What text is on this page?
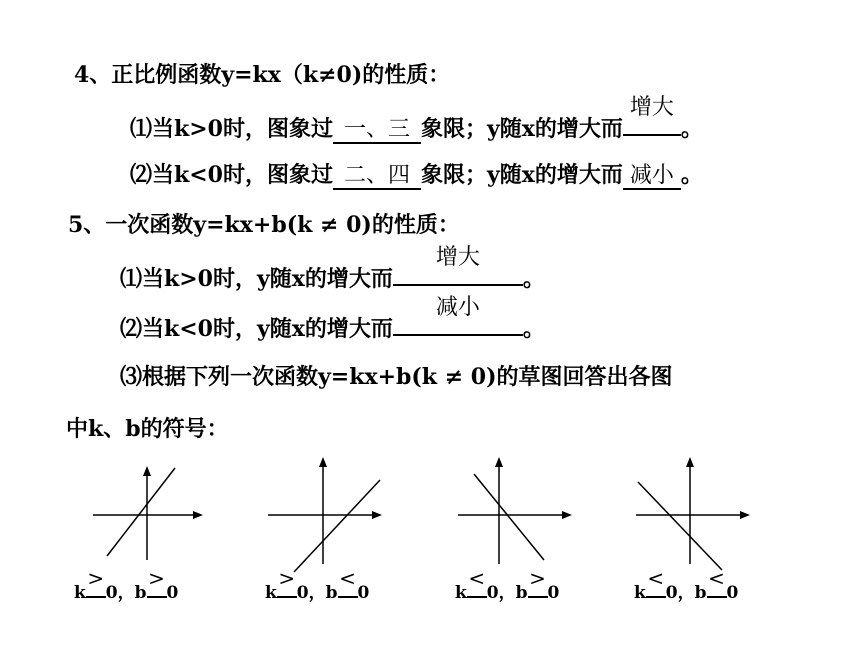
4、正比例函数y=kx（k≠0)的性质：
⑴当k>0时，图象过 一、三 象限；y随x的增大而
增大
。
⑵当k<0时，图象过 二、四 象限；y随x的增大而 减小 。
5、一次函数y=kx+b(k ≠ 0)的性质：
⑴当k>0时，y随x的增大而
增大
。
⑵当k<0时，y随x的增大而
减小
。
⑶根据下列一次函数y=kx+b(k ≠ 0)的草图回答出各图
中k、b的符号：
k
>
0，b
>
0	k
>
0，b
<
0	k
<
0，b
>
0	k
<
0，b
<
0
